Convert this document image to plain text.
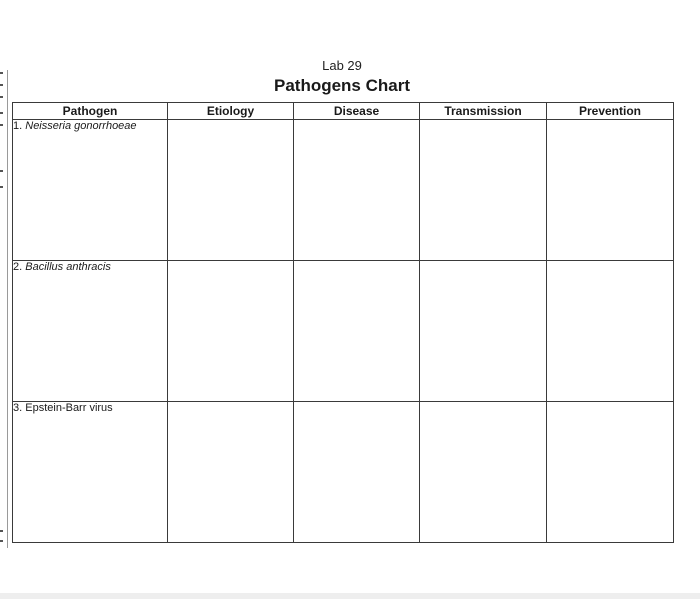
Lab 29
Pathogens Chart
Pathogen	Etiology	Disease	Transmission	Prevention
1. Neisseria gonorrhoeae				
2. Bacillus anthracis				
3. Epstein-Barr virus				
